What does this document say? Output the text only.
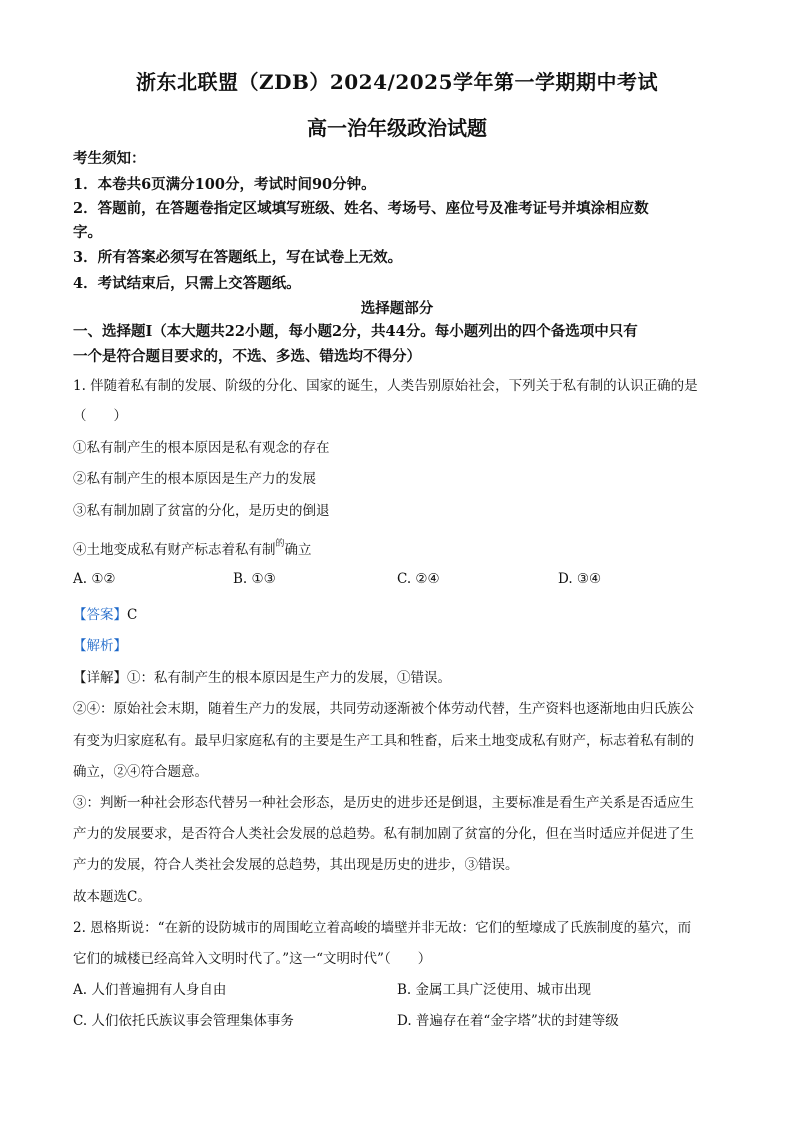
浙东北联盟（ZDB）2024/2025学年第一学期期中考试
高一治年级政治试题
考生须知：
1．本卷共6页满分100分，考试时间90分钟。
2．答题前，在答题卷指定区域填写班级、姓名、考场号、座位号及准考证号并填涂相应数
字。
3．所有答案必须写在答题纸上，写在试卷上无效。
4．考试结束后，只需上交答题纸。
选择题部分
一、选择题Ⅰ（本大题共22小题，每小题2分，共44分。每小题列出的四个备选项中只有
一个是符合题目要求的，不选、多选、错选均不得分）
1. 伴随着私有制的发展、阶级的分化、国家的诞生，人类告别原始社会，下列关于私有制的认识正确的是
（　　）
①私有制产生的根本原因是私有观念的存在
②私有制产生的根本原因是生产力的发展
③私有制加剧了贫富的分化，是历史的倒退
④土地变成私有财产标志着私有制$^的$确立
A. ①②	B. ①③	C. ②④	D. ③④
【答案】C
【解析】
【详解】①：私有制产生的根本原因是生产力的发展，①错误。
②④：原始社会末期，随着生产力的发展，共同劳动逐渐被个体劳动代替，生产资料也逐渐地由归氏族公
有变为归家庭私有。最早归家庭私有的主要是生产工具和牲畜，后来土地变成私有财产，标志着私有制的
确立，②④符合题意。
③：判断一种社会形态代替另一种社会形态，是历史的进步还是倒退，主要标准是看生产关系是否适应生
产力的发展要求，是否符合人类社会发展的总趋势。私有制加剧了贫富的分化，但在当时适应并促进了生
产力的发展，符合人类社会发展的总趋势，其出现是历史的进步，③错误。
故本题选C。
2. 恩格斯说：“在新的设防城市的周围屹立着高峻的墙壁并非无故：它们的堑壕成了氏族制度的墓穴，而
它们的城楼已经高耸入文明时代了。”这一“文明时代”（　　）
A. 人们普遍拥有人身自由	B. 金属工具广泛使用、城市出现
C. 人们依托氏族议事会管理集体事务	D. 普遍存在着“金字塔”状的封建等级
